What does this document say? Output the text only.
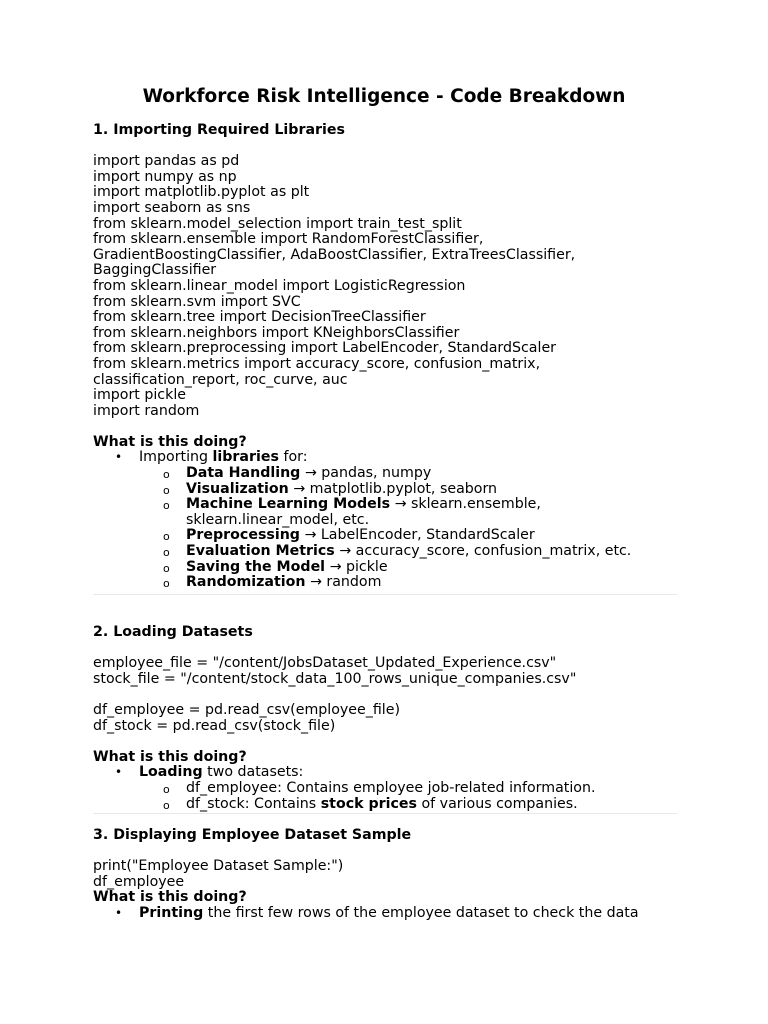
Workforce Risk Intelligence - Code Breakdown
1. Importing Required Libraries
import pandas as pd
import numpy as np
import matplotlib.pyplot as plt
import seaborn as sns
from sklearn.model_selection import train_test_split
from sklearn.ensemble import RandomForestClassifier,
GradientBoostingClassifier, AdaBoostClassifier, ExtraTreesClassifier,
BaggingClassifier
from sklearn.linear_model import LogisticRegression
from sklearn.svm import SVC
from sklearn.tree import DecisionTreeClassifier
from sklearn.neighbors import KNeighborsClassifier
from sklearn.preprocessing import LabelEncoder, StandardScaler
from sklearn.metrics import accuracy_score, confusion_matrix,
classification_report, roc_curve, auc
import pickle
import random

What is this doing?

• Importing libraries for:
o Data Handling → pandas, numpy
o Visualization → matplotlib.pyplot, seaborn
o Machine Learning Models → sklearn.ensemble, sklearn.linear_model, etc.
o Preprocessing → LabelEncoder, StandardScaler
o Evaluation Metrics → accuracy_score, confusion_matrix, etc.
o Saving the Model → pickle
o Randomization → random
2. Loading Datasets
employee_file = "/content/JobsDataset_Updated_Experience.csv"
stock_file = "/content/stock_data_100_rows_unique_companies.csv"

df_employee = pd.read_csv(employee_file)
df_stock = pd.read_csv(stock_file)

What is this doing?

• Loading two datasets:
o df_employee: Contains employee job-related information.
o df_stock: Contains stock prices of various companies.
3. Displaying Employee Dataset Sample
print("Employee Dataset Sample:")
df_employee

What is this doing?

• Printing the first few rows of the employee dataset to check the data
